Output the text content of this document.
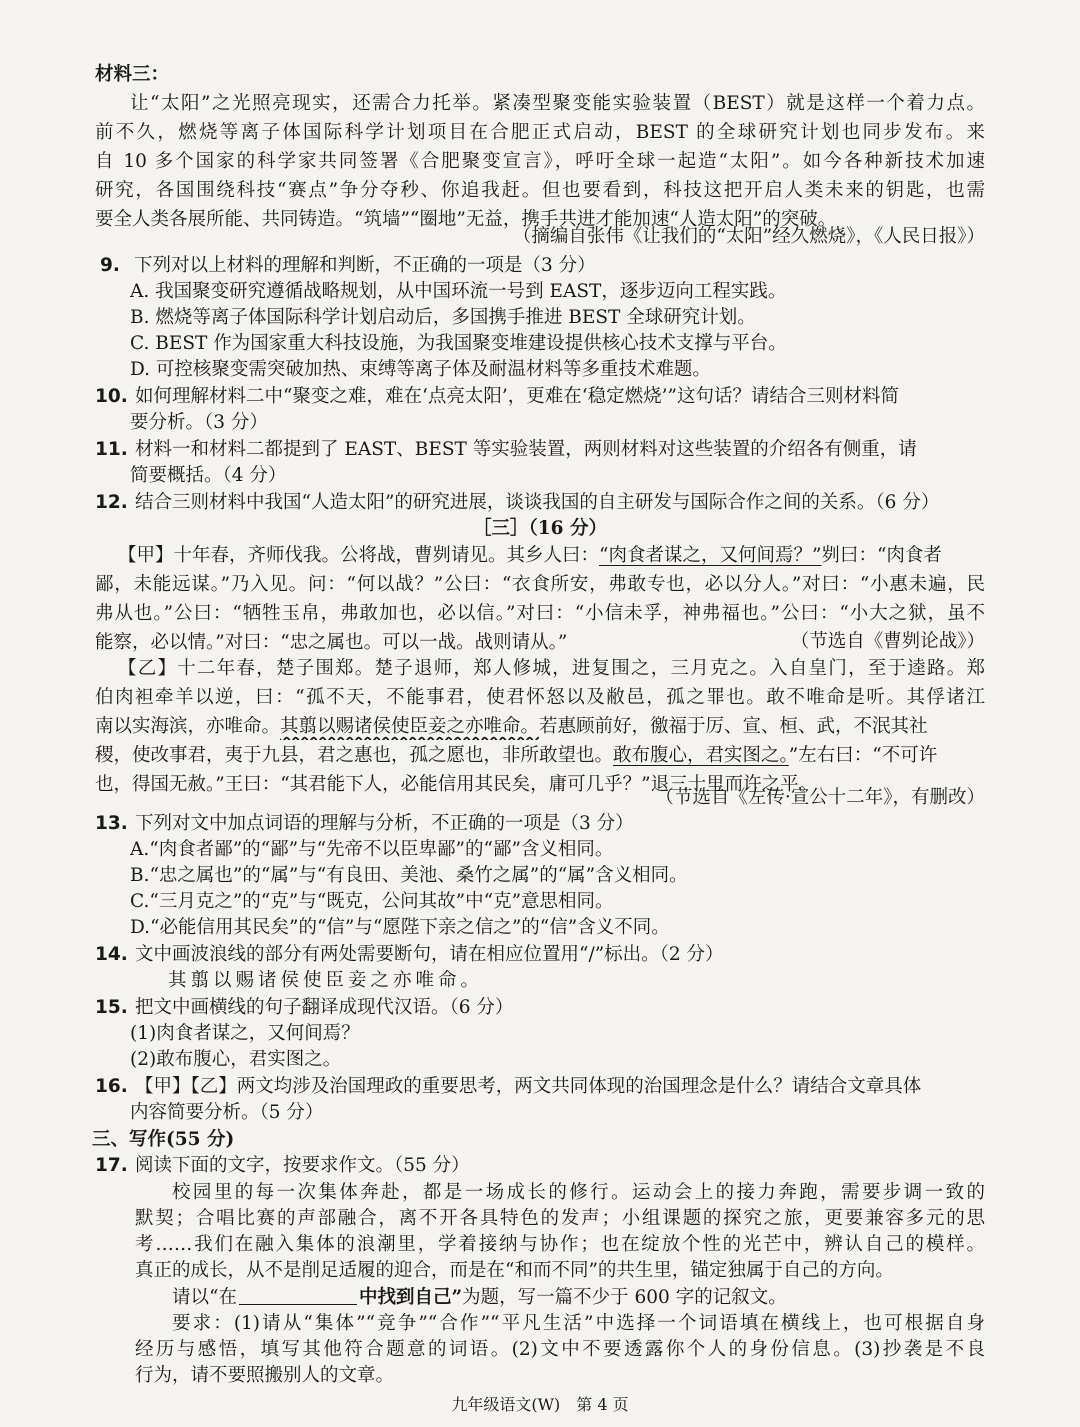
材料三：
让“太阳”之光照亮现实，还需合力托举。紧凑型聚变能实验装置（BEST）就是这样一个着力点。
前不久，燃烧等离子体国际科学计划项目在合肥正式启动，BEST 的全球研究计划也同步发布。来
自 10 多个国家的科学家共同签署《合肥聚变宣言》，呼吁全球一起造“太阳”。如今各种新技术加速
研究，各国围绕科技“赛点”争分夺秒、你追我赶。但也要看到，科技这把开启人类未来的钥匙，也需
要全人类各展所能、共同铸造。“筑墙”“圈地”无益，携手共进才能加速“人造太阳”的突破。
（摘编自张伟《让我们的“太阳”经久燃烧》，《人民日报》）
9. 下列对以上材料的理解和判断，不正确的一项是（3 分）
A. 我国聚变研究遵循战略规划，从中国环流一号到 EAST，逐步迈向工程实践。
B. 燃烧等离子体国际科学计划启动后，多国携手推进 BEST 全球研究计划。
C. BEST 作为国家重大科技设施，为我国聚变堆建设提供核心技术支撑与平台。
D. 可控核聚变需突破加热、束缚等离子体及耐温材料等多重技术难题。
10. 如何理解材料二中“聚变之难，难在‘点亮太阳’，更难在‘稳定燃烧’”这句话？请结合三则材料简
要分析。（3 分）
11. 材料一和材料二都提到了 EAST、BEST 等实验装置，两则材料对这些装置的介绍各有侧重，请
简要概括。（4 分）
12. 结合三则材料中我国“人造太阳”的研究进展，谈谈我国的自主研发与国际合作之间的关系。（6 分）
［三］（16 分）
【甲】十年春，齐师伐我。公将战，曹刿请见。其乡人曰：“肉食者谋之，又何间焉？”刿曰：“肉食者
鄙，未能远谋。”乃入见。问：“何以战？”公曰：“衣食所安，弗敢专也，必以分人。”对曰：“小惠未遍，民
弗从也。”公曰：“牺牲玉帛，弗敢加也，必以信。”对曰：“小信未孚，神弗福也。”公曰：“小大之狱，虽不
能察，必以情。”对曰：“忠之属也。可以一战。战则请从。”	（节选自《曹刿论战》）
【乙】十二年春，楚子围郑。楚子退师，郑人修城，进复围之，三月克之。入自皇门，至于逵路。郑
伯肉袒牵羊以逆，曰：“孤不天，不能事君，使君怀怒以及敝邑，孤之罪也。敢不唯命是听。其俘诸江
南以实海滨，亦唯命。其翦以赐诸侯使臣妾之亦唯命。若惠顾前好，徼福于厉、宣、桓、武，不泯其社
稷，使改事君，夷于九县，君之惠也，孤之愿也，非所敢望也。敢布腹心，君实图之。”左右曰：“不可许
也，得国无赦。”王曰：“其君能下人，必能信用其民矣，庸可几乎？”退三十里而许之平。
（节选自《左传·宣公十二年》，有删改）
13. 下列对文中加点词语的理解与分析，不正确的一项是（3 分）
A.“肉食者鄙”的“鄙”与“先帝不以臣卑鄙”的“鄙”含义相同。
B.“忠之属也”的“属”与“有良田、美池、桑竹之属”的“属”含义相同。
C.“三月克之”的“克”与“既克，公问其故”中“克”意思相同。
D.“必能信用其民矣”的“信”与“愿陛下亲之信之”的“信”含义不同。
14. 文中画波浪线的部分有两处需要断句，请在相应位置用“/”标出。（2 分）
其翦以赐诸侯使臣妾之亦唯命。
15. 把文中画横线的句子翻译成现代汉语。（6 分）
(1)肉食者谋之，又何间焉？
(2)敢布腹心，君实图之。
16. 【甲】【乙】两文均涉及治国理政的重要思考，两文共同体现的治国理念是什么？请结合文章具体
内容简要分析。（5 分）
三、写作(55 分)
17. 阅读下面的文字，按要求作文。（55 分）
校园里的每一次集体奔赴，都是一场成长的修行。运动会上的接力奔跑，需要步调一致的
默契；合唱比赛的声部融合，离不开各具特色的发声；小组课题的探究之旅，更要兼容多元的思
考……我们在融入集体的浪潮里，学着接纳与协作；也在绽放个性的光芒中，辨认自己的模样。
真正的成长，从不是削足适履的迎合，而是在“和而不同”的共生里，锚定独属于自己的方向。
请以“在	中找到自己”为题，写一篇不少于 600 字的记叙文。
要求：(1)请从“集体”“竞争”“合作”“平凡生活”中选择一个词语填在横线上，也可根据自身
经历与感悟，填写其他符合题意的词语。(2)文中不要透露你个人的身份信息。(3)抄袭是不良
行为，请不要照搬别人的文章。
九年级语文(W)　第 4 页
